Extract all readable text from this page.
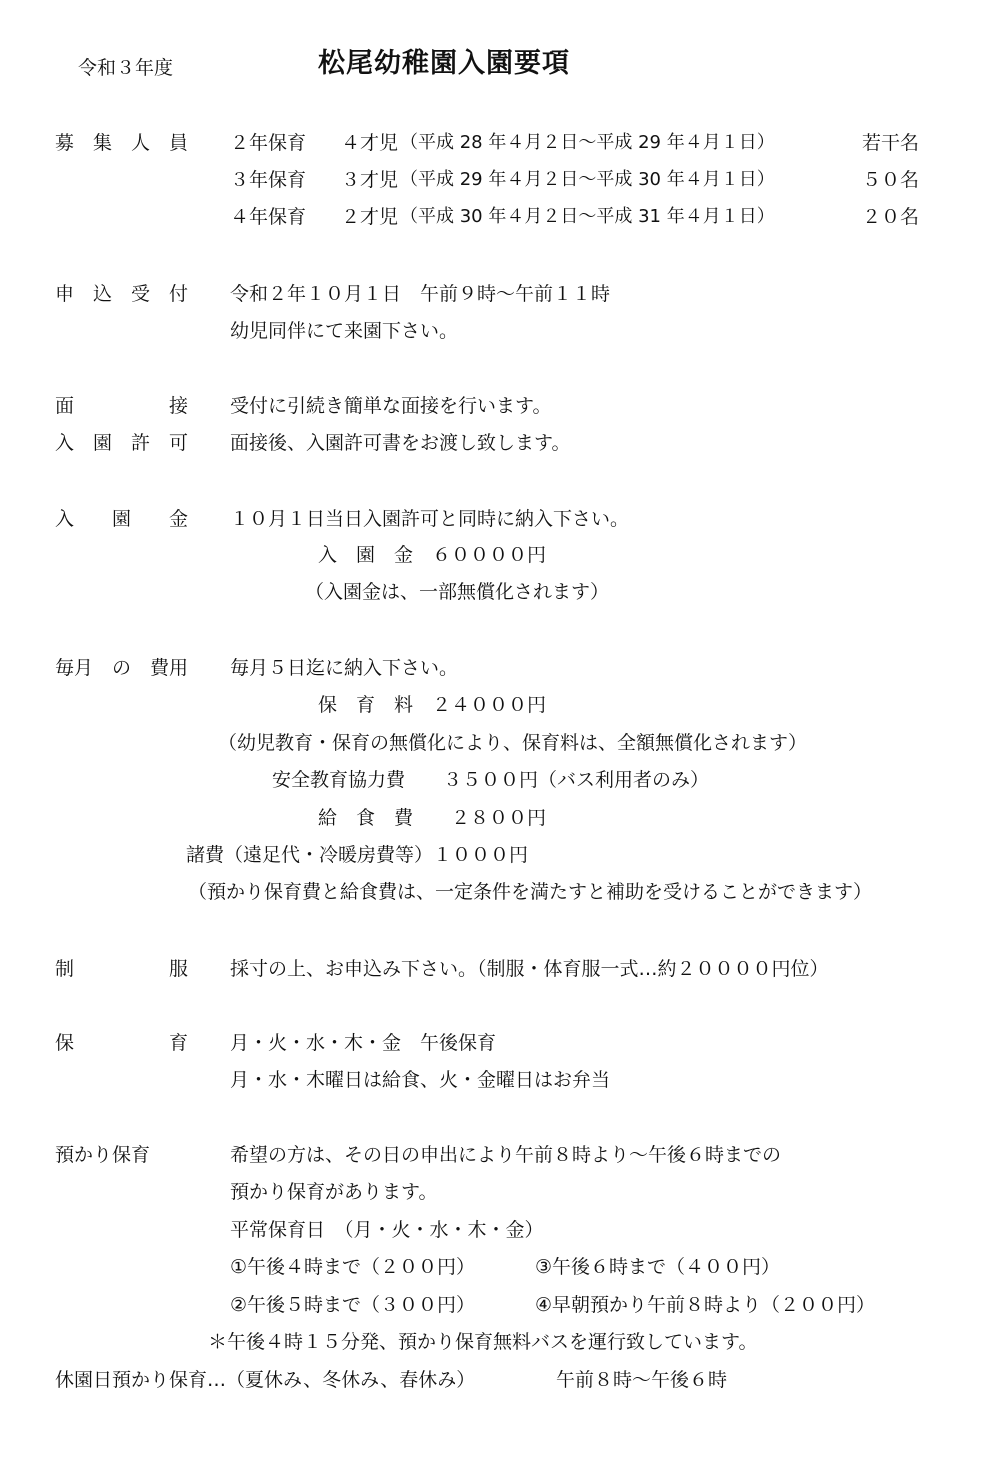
令和３年度	松尾幼稚園入園要項
募　集　人　員 ２年保育 ４才児 （平成 28 年４月２日〜平成 29 年４月１日）	若干名
３年保育 ３才児 （平成 29 年４月２日〜平成 30 年４月１日）	５０名
４年保育 ２才児 （平成 30 年４月２日〜平成 31 年４月１日）	２０名
申　込　受　付 令和２年１０月１日　午前９時〜午前１１時
幼児同伴にて来園下さい。
面　　　　　接 受付に引続き簡単な面接を行います。
入　園　許　可 面接後、入園許可書をお渡し致します。
入　　園　　金 １０月１日当日入園許可と同時に納入下さい。
入　園　金　６００００円
（入園金は、一部無償化されます）
毎月　の　費用 毎月５日迄に納入下さい。
保　育　料　２４０００円
（幼児教育・保育の無償化により、保育料は、全額無償化されます）
安全教育協力費　　３５００円（バス利用者のみ）
給　食　費　　２８００円
諸費（遠足代・冷暖房費等）１０００円
（預かり保育費と給食費は、一定条件を満たすと補助を受けることができます）
制　　　　　服 採寸の上、お申込み下さい。（制服・体育服一式…約２００００円位）
保　　　　　育 月・火・水・木・金　午後保育
月・水・木曜日は給食、火・金曜日はお弁当
預かり保育	希望の方は、その日の申出により午前８時より〜午後６時までの
預かり保育があります。
平常保育日　（月・火・水・木・金）
①午後４時まで（２００円）	③午後６時まで（４００円）
②午後５時まで（３００円）	④早朝預かり午前８時より（２００円）
＊午後４時１５分発、預かり保育無料バスを運行致しています。
休園日預かり保育…（夏休み、冬休み、春休み）	午前８時〜午後６時
